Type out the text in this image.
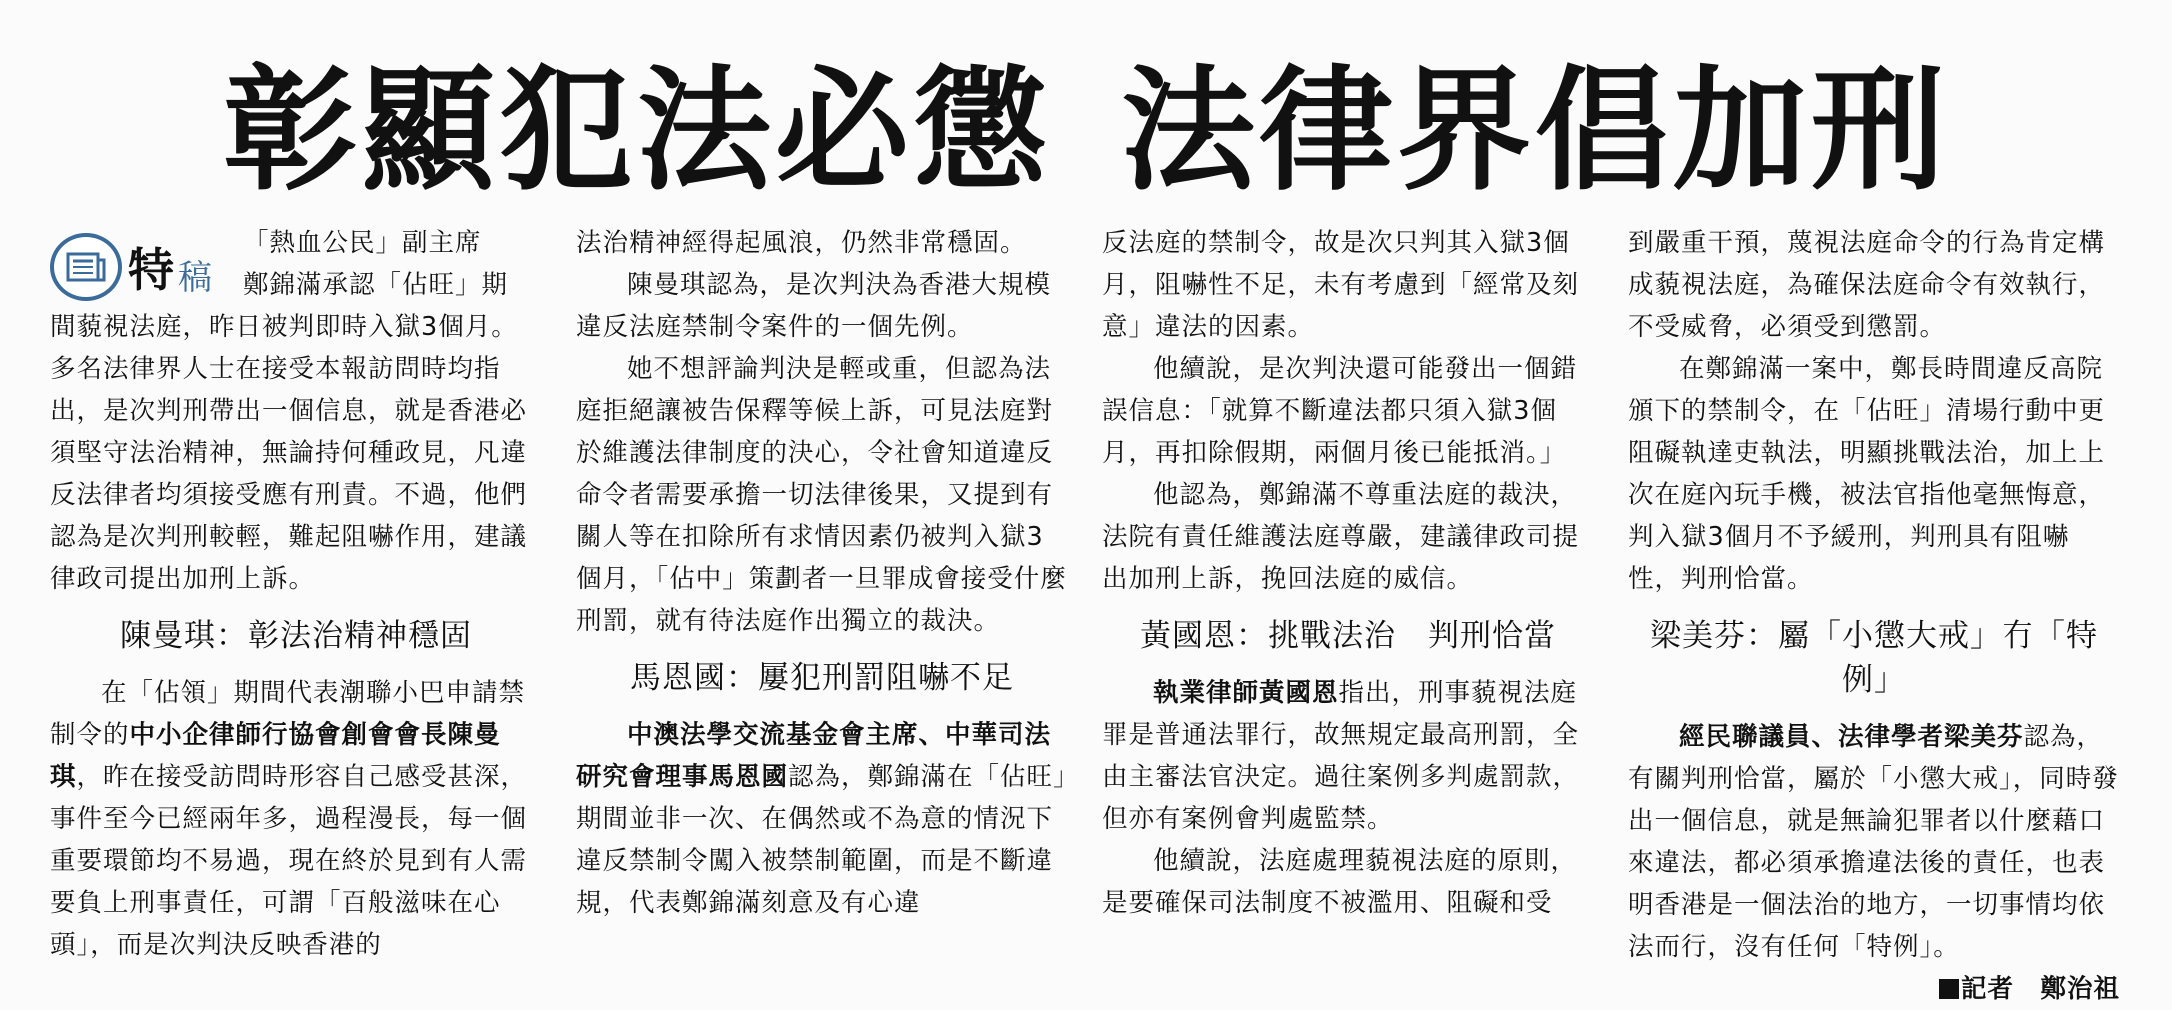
彰顯犯法必懲 法律界倡加刑
特 稿
「熱血公民」副主席
鄭錦滿承認「佔旺」期

間藐視法庭，昨日被判即時入獄3個月。多名法律界人士在接受本報訪問時均指出，是次判刑帶出一個信息，就是香港必須堅守法治精神，無論持何種政見，凡違反法律者均須接受應有刑責。不過，他們認為是次判刑較輕，難起阻嚇作用，建議律政司提出加刑上訴。

陳曼琪：彰法治精神穩固

在「佔領」期間代表潮聯小巴申請禁制令的中小企律師行協會創會會長陳曼琪，昨在接受訪問時形容自己感受甚深，事件至今已經兩年多，過程漫長，每一個重要環節均不易過，現在終於見到有人需要負上刑事責任，可謂「百般滋味在心頭」，而是次判決反映香港的

法治精神經得起風浪，仍然非常穩固。

陳曼琪認為，是次判決為香港大規模違反法庭禁制令案件的一個先例。

她不想評論判決是輕或重，但認為法庭拒絕讓被告保釋等候上訴，可見法庭對於維護法律制度的決心，令社會知道違反命令者需要承擔一切法律後果，又提到有關人等在扣除所有求情因素仍被判入獄3個月，「佔中」策劃者一旦罪成會接受什麼刑罰，就有待法庭作出獨立的裁決。

馬恩國：屢犯刑罰阻嚇不足

中澳法學交流基金會主席、中華司法研究會理事馬恩國認為，鄭錦滿在「佔旺」期間並非一次、在偶然或不為意的情況下違反禁制令闖入被禁制範圍，而是不斷違規，代表鄭錦滿刻意及有心違

反法庭的禁制令，故是次只判其入獄3個月，阻嚇性不足，未有考慮到「經常及刻意」違法的因素。

他續說，是次判決還可能發出一個錯誤信息：「就算不斷違法都只須入獄3個月，再扣除假期，兩個月後已能抵消。」

他認為，鄭錦滿不尊重法庭的裁決，法院有責任維護法庭尊嚴，建議律政司提出加刑上訴，挽回法庭的威信。

黃國恩：挑戰法治　判刑恰當

執業律師黃國恩指出，刑事藐視法庭罪是普通法罪行，故無規定最高刑罰，全由主審法官決定。過往案例多判處罰款，但亦有案例會判處監禁。

他續說，法庭處理藐視法庭的原則，是要確保司法制度不被濫用、阻礙和受

到嚴重干預，蔑視法庭命令的行為肯定構成藐視法庭，為確保法庭命令有效執行，不受威脅，必須受到懲罰。

在鄭錦滿一案中，鄭長時間違反高院頒下的禁制令，在「佔旺」清場行動中更阻礙執達吏執法，明顯挑戰法治，加上上次在庭內玩手機，被法官指他毫無悔意，判入獄3個月不予緩刑，判刑具有阻嚇性，判刑恰當。

梁美芬：屬「小懲大戒」冇「特例」

經民聯議員、法律學者梁美芬認為，有關判刑恰當，屬於「小懲大戒」，同時發出一個信息，就是無論犯罪者以什麼藉口來違法，都必須承擔違法後的責任，也表明香港是一個法治的地方，一切事情均依法而行，沒有任何「特例」。

記者　鄭治祖
